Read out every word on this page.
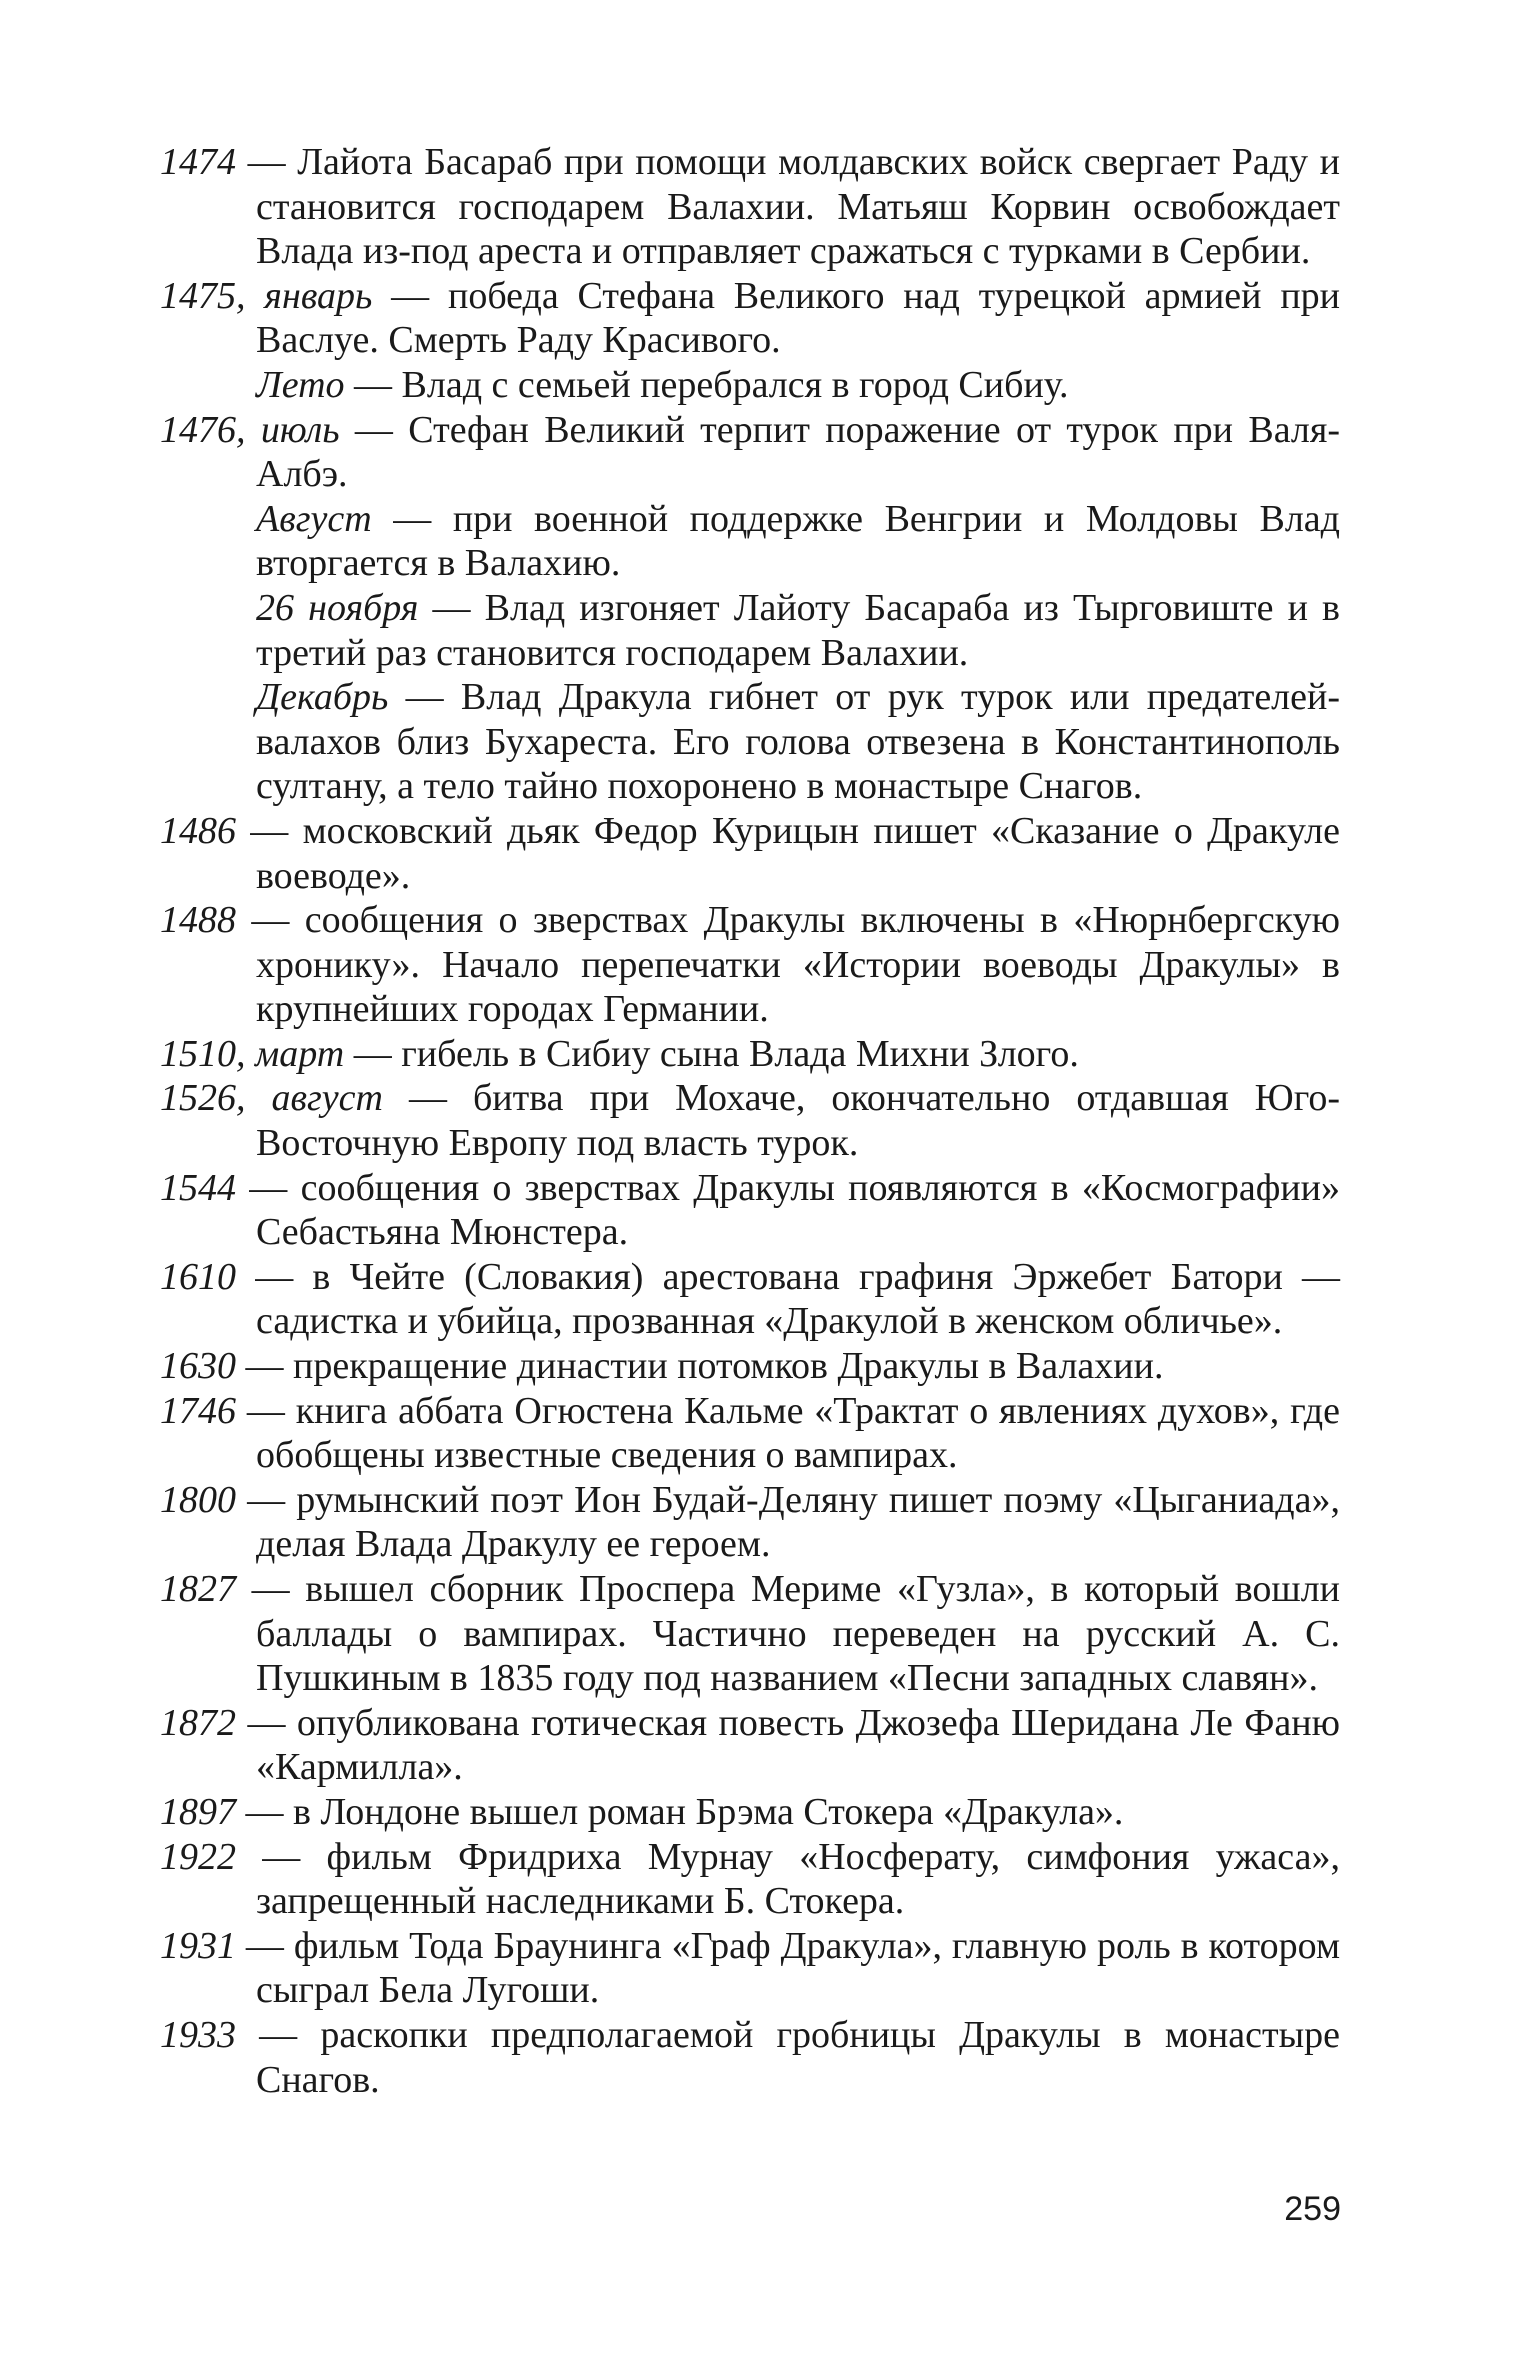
1474 — Лайота Басараб при помощи молдавских войск свергает Раду и становится господарем Валахии. Матьяш Корвин освобождает Влада из-под ареста и отправляет сражаться с турками в Сербии.

1475, январь — победа Стефана Великого над турецкой армией при Васлуе. Смерть Раду Красивого.

Лето — Влад с семьей перебрался в город Сибиу.

1476, июль — Стефан Великий терпит поражение от турок при Валя-Албэ.

Август — при военной поддержке Венгрии и Молдовы Влад вторгается в Валахию.

26 ноября — Влад изгоняет Лайоту Басараба из Тырговиште и в третий раз становится господарем Валахии.

Декабрь — Влад Дракула гибнет от рук турок или предателей-валахов близ Бухареста. Его голова отвезена в Константинополь султану, а тело тайно похоронено в монастыре Снагов.

1486 — московский дьяк Федор Курицын пишет «Сказание о Дракуле воеводе».

1488 — сообщения о зверствах Дракулы включены в «Нюрнбергскую хронику». Начало перепечатки «Истории воеводы Дракулы» в крупнейших городах Германии.

1510, март — гибель в Сибиу сына Влада Михни Злого.

1526, август — битва при Мохаче, окончательно отдавшая Юго-Восточную Европу под власть турок.

1544 — сообщения о зверствах Дракулы появляются в «Космографии» Себастьяна Мюнстера.

1610 — в Чейте (Словакия) арестована графиня Эржебет Батори — садистка и убийца, прозванная «Дракулой в женском обличье».

1630 — прекращение династии потомков Дракулы в Валахии.

1746 — книга аббата Огюстена Кальме «Трактат о явлениях духов», где обобщены известные сведения о вампирах.

1800 — румынский поэт Ион Будай-Деляну пишет поэму «Цыганиада», делая Влада Дракулу ее героем.

1827 — вышел сборник Проспера Мериме «Гузла», в который вошли баллады о вампирах. Частично переведен на русский А. С. Пушкиным в 1835 году под названием «Песни западных славян».

1872 — опубликована готическая повесть Джозефа Шеридана Ле Фаню «Кармилла».

1897 — в Лондоне вышел роман Брэма Стокера «Дракула».

1922 — фильм Фридриха Мурнау «Носферату, симфония ужаса», запрещенный наследниками Б. Стокера.

1931 — фильм Тода Браунинга «Граф Дракула», главную роль в котором сыграл Бела Лугоши.

1933 — раскопки предполагаемой гробницы Дракулы в монастыре Снагов.

259
